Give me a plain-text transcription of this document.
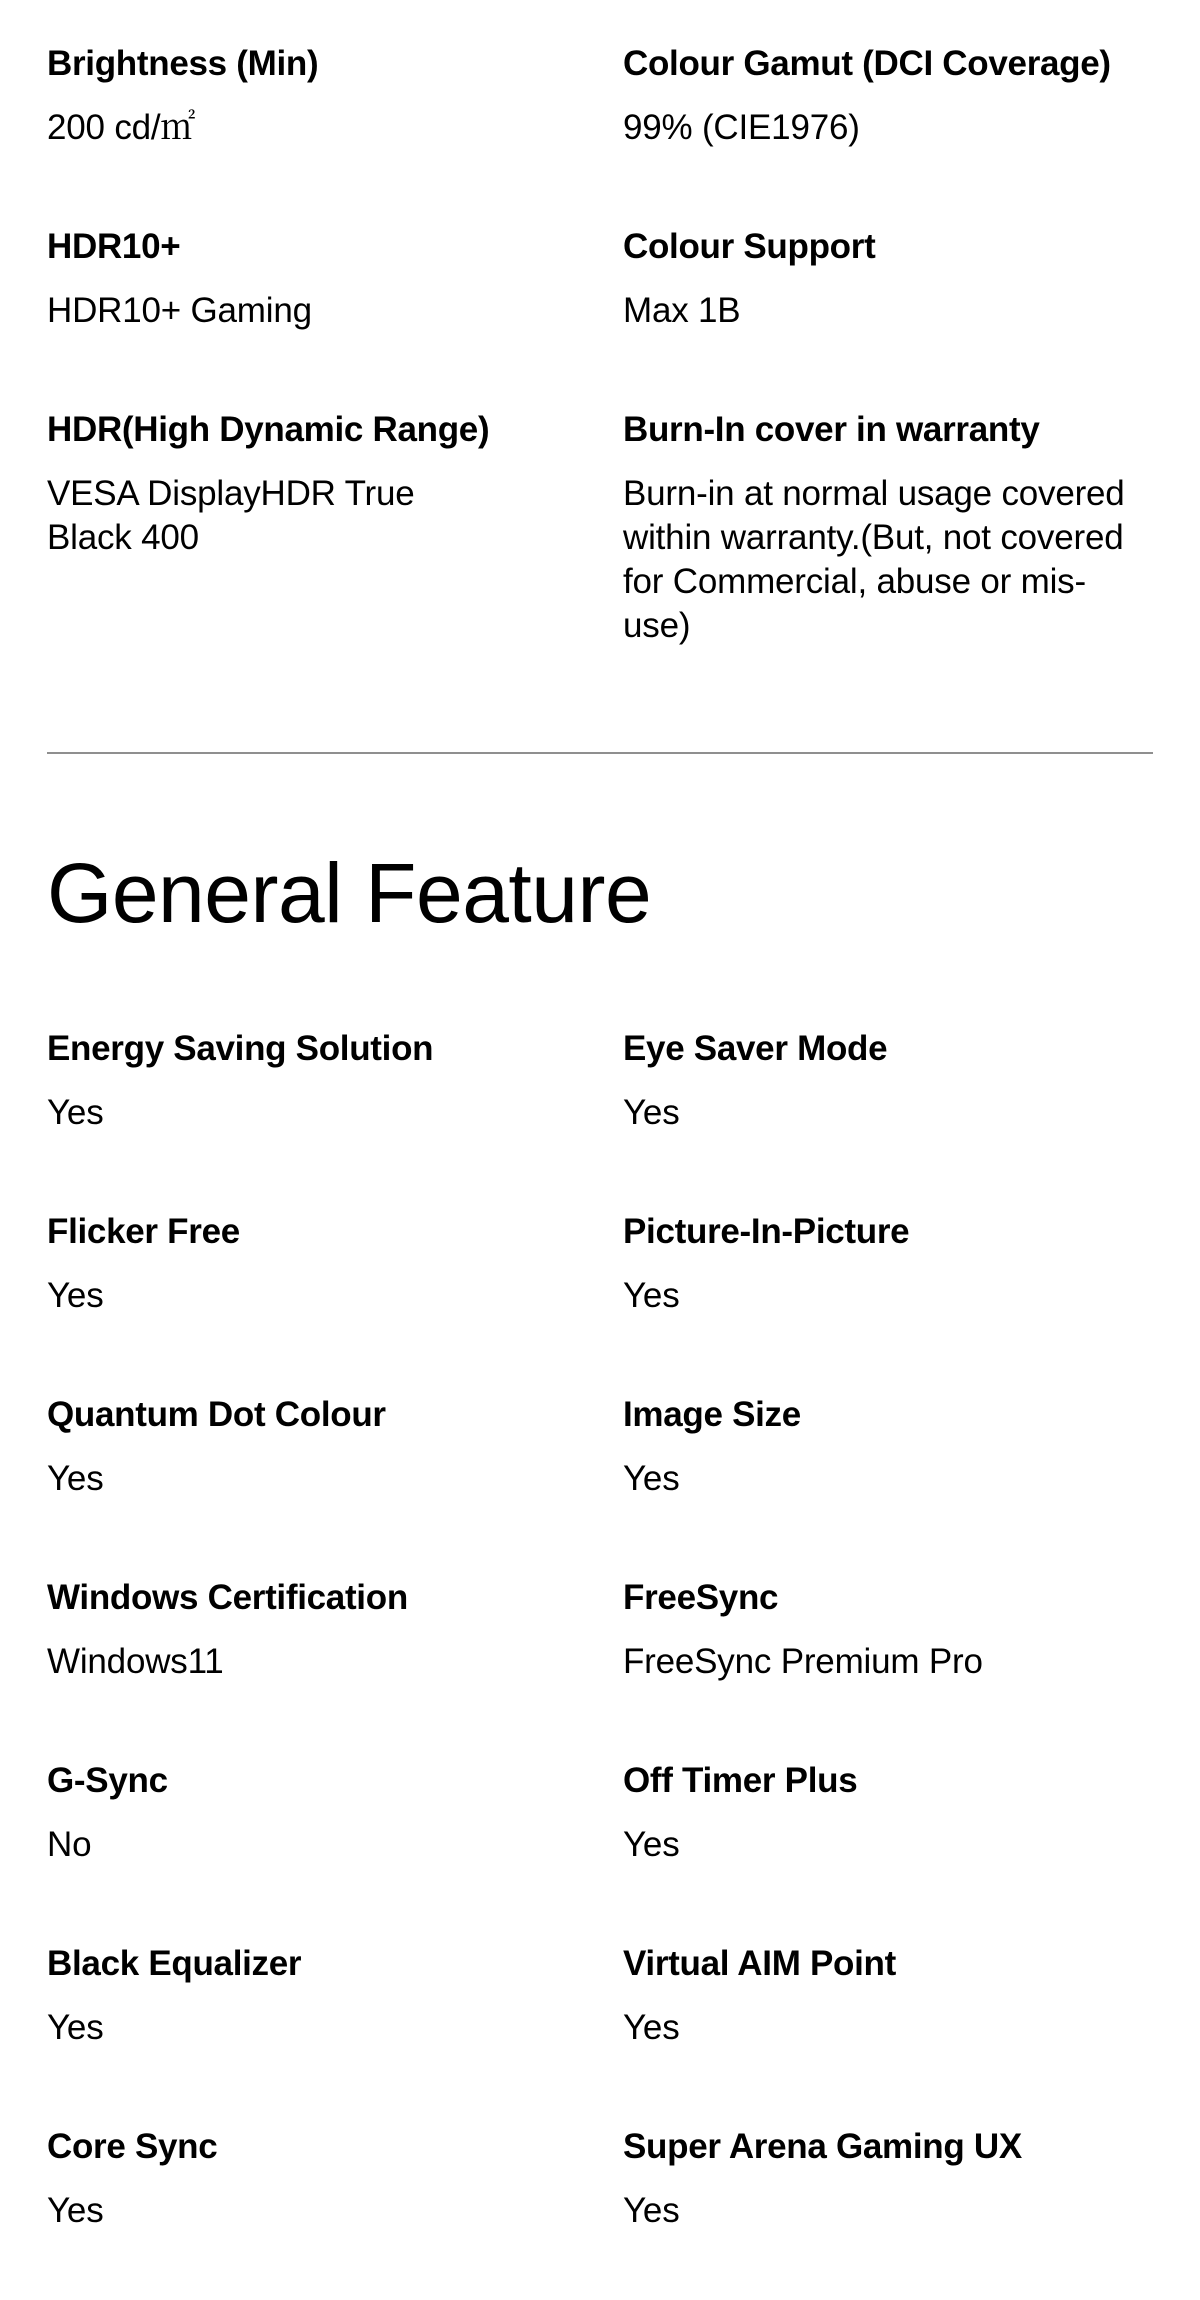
Brightness (Min)
200 cd/㎡
Colour Gamut (DCI Coverage)
99% (CIE1976)
HDR10+
HDR10+ Gaming
Colour Support
Max 1B
HDR(High Dynamic Range)
VESA DisplayHDR True Black 400
Burn-In cover in warranty
Burn-in at normal usage covered within warranty.(But, not covered for Commercial, abuse or mis-use)
General Feature
Energy Saving Solution
Yes
Eye Saver Mode
Yes
Flicker Free
Yes
Picture-In-Picture
Yes
Quantum Dot Colour
Yes
Image Size
Yes
Windows Certification
Windows11
FreeSync
FreeSync Premium Pro
G-Sync
No
Off Timer Plus
Yes
Black Equalizer
Yes
Virtual AIM Point
Yes
Core Sync
Yes
Super Arena Gaming UX
Yes
